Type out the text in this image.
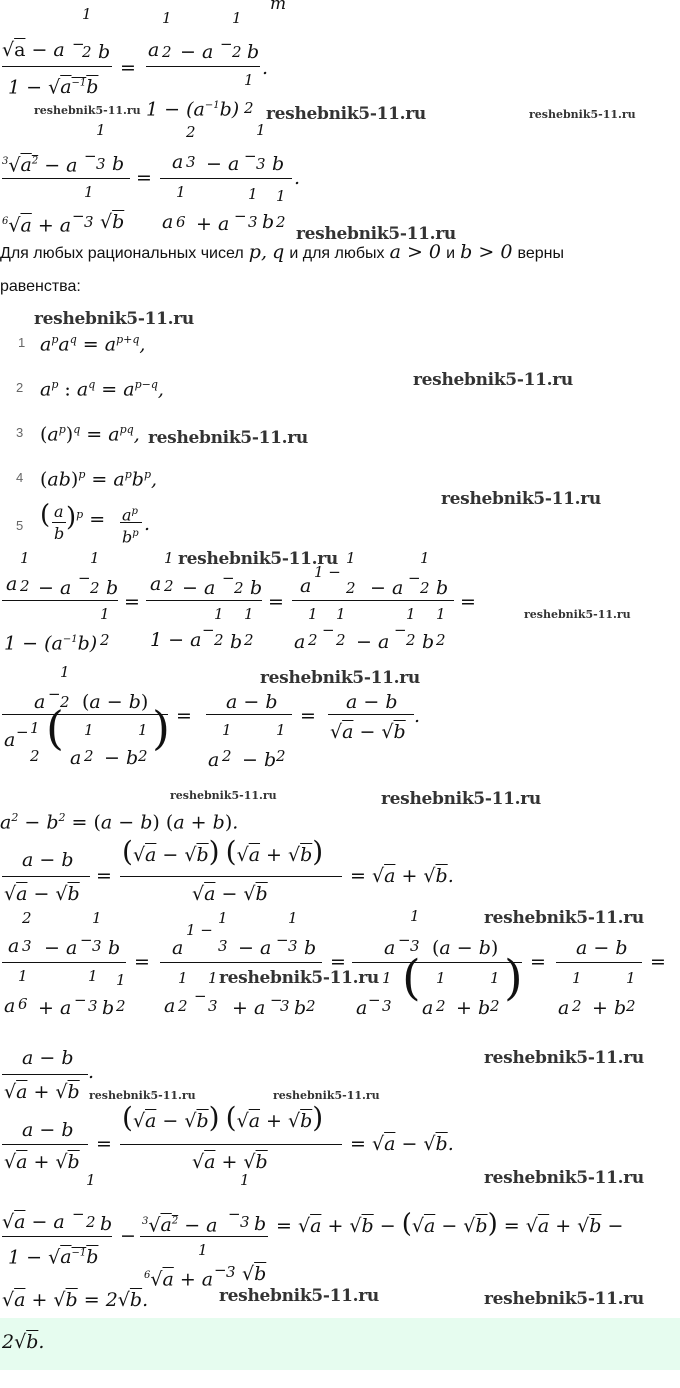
reshebnik5-11.ru	reshebnik5-11.ru	reshebnik5-11.ru
reshebnik5-11.ru
reshebnik5-11.ru
reshebnik5-11.ru
reshebnik5-11.ru
reshebnik5-11.ru
reshebnik5-11.ru
reshebnik5-11.ru
reshebnik5-11.ru
reshebnik5-11.ru	reshebnik5-11.ru
reshebnik5-11.ru
reshebnik5-11.ru
reshebnik5-11.ru
reshebnik5-11.ru	reshebnik5-11.ru
reshebnik5-11.ru
reshebnik5-11.ru	reshebnik5-11.ru
m
√a − a
1
−
2 b
$1 - √a^{-1}b$
=
a
1
2 − a −
1
2 b
.
$1 - (a^{-1}b)$
1
2
$^3√a^2 - a$
1
− 3 b
1
$^6$√a + a − 3 √b
=
a
2
3 − a −
1
3 b
.
1
a 6 + a −
1
3 b
1
2
Для любых рациональных чисел p, q и для любых a > 0 и b > 0 верны
равенства:
1 $a^pa^q = a^{p+q}$,
2 $a^p$ : $a^q = a^{p-q}$,
3 $(a^p)^q = a^{pq}$,
4 $(ab)^p = a^pb^p$,
5 ( a
b
)$^p = a^p$
$b^p$ .
a
1
2 − a −
1
2 b
1
$1 - (a^{-1}b)$ 2
=
a
1
2 − a −
2 b
1 − a −
1
2 b
1
2
=
a
1 −
1
2 − a −
1
2 b
a
1
2
−
1
2 − a
−
1
2 b
1
2
=
a −
1
2 (a − b)
a − 1
2
(
a
1
2 − b
1
2
) =
a − b
a
1
2 − b
1
2
=
a − b
√a − √b
.
$a^2 - b^2 = (a - b) (a + b)$.
a − b
√a − √b
=
(√a − √b) (√a + √b)
√a − √b
= √a + √b.
a
2
3 − a −
1
3 b
1
a 6 + a −
1
3 b
1
2
=
a
1 −
1
3 − a −
1
3 b
a
1
2
−
1
3 + a −
3 b 2
=
a −
1
3 (a − b)
a −
1
3 (
a
1
2 + b
1
2 ) =
a − b
a
1
2 + b
1
2
=
a − b
√a + √b
.
a − b
√a + √b
=
(√a − √b) (√a + √b)
√a + √b
= √a − √b.
√a − a −
1
2 b
$1 - √a^{-1}b$
−
$^3√a^2 - a$
−
1
3 b
1
$^6$√a + a − 3 √b
= √a + √b − (√a − √b) = √a + √b −
√a + √b = 2√b.
2√b.
